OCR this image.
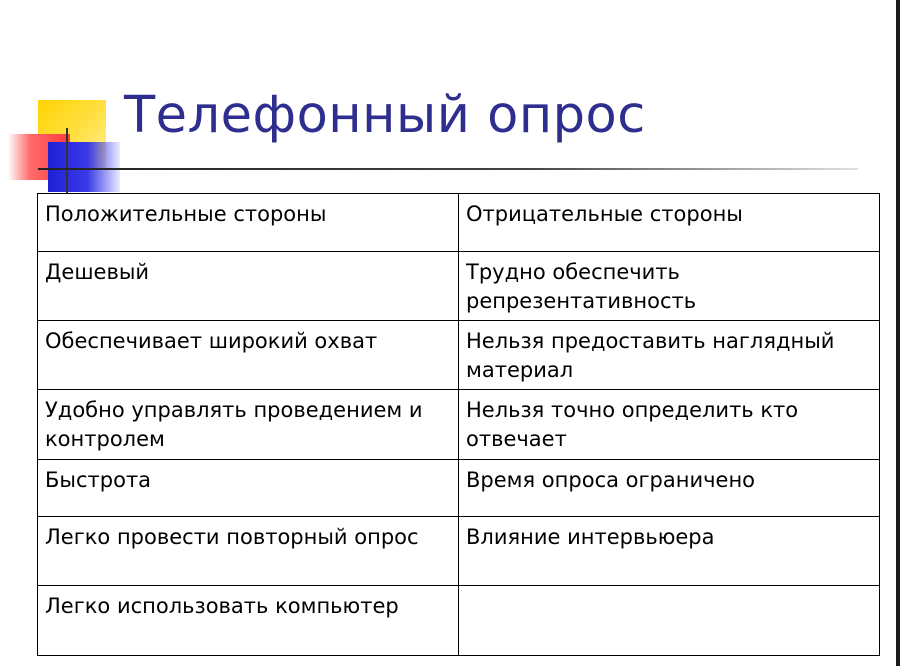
Телефонный опрос
Положительные стороны	Отрицательные стороны
Дешевый	Трудно обеспечить репрезентативность
Обеспечивает широкий охват	Нельзя предоставить наглядный материал
Удобно управлять проведением и контролем	Нельзя точно определить кто отвечает
Быстрота	Время опроса ограничено
Легко провести повторный опрос	Влияние интервьюера
Легко использовать компьютер	
